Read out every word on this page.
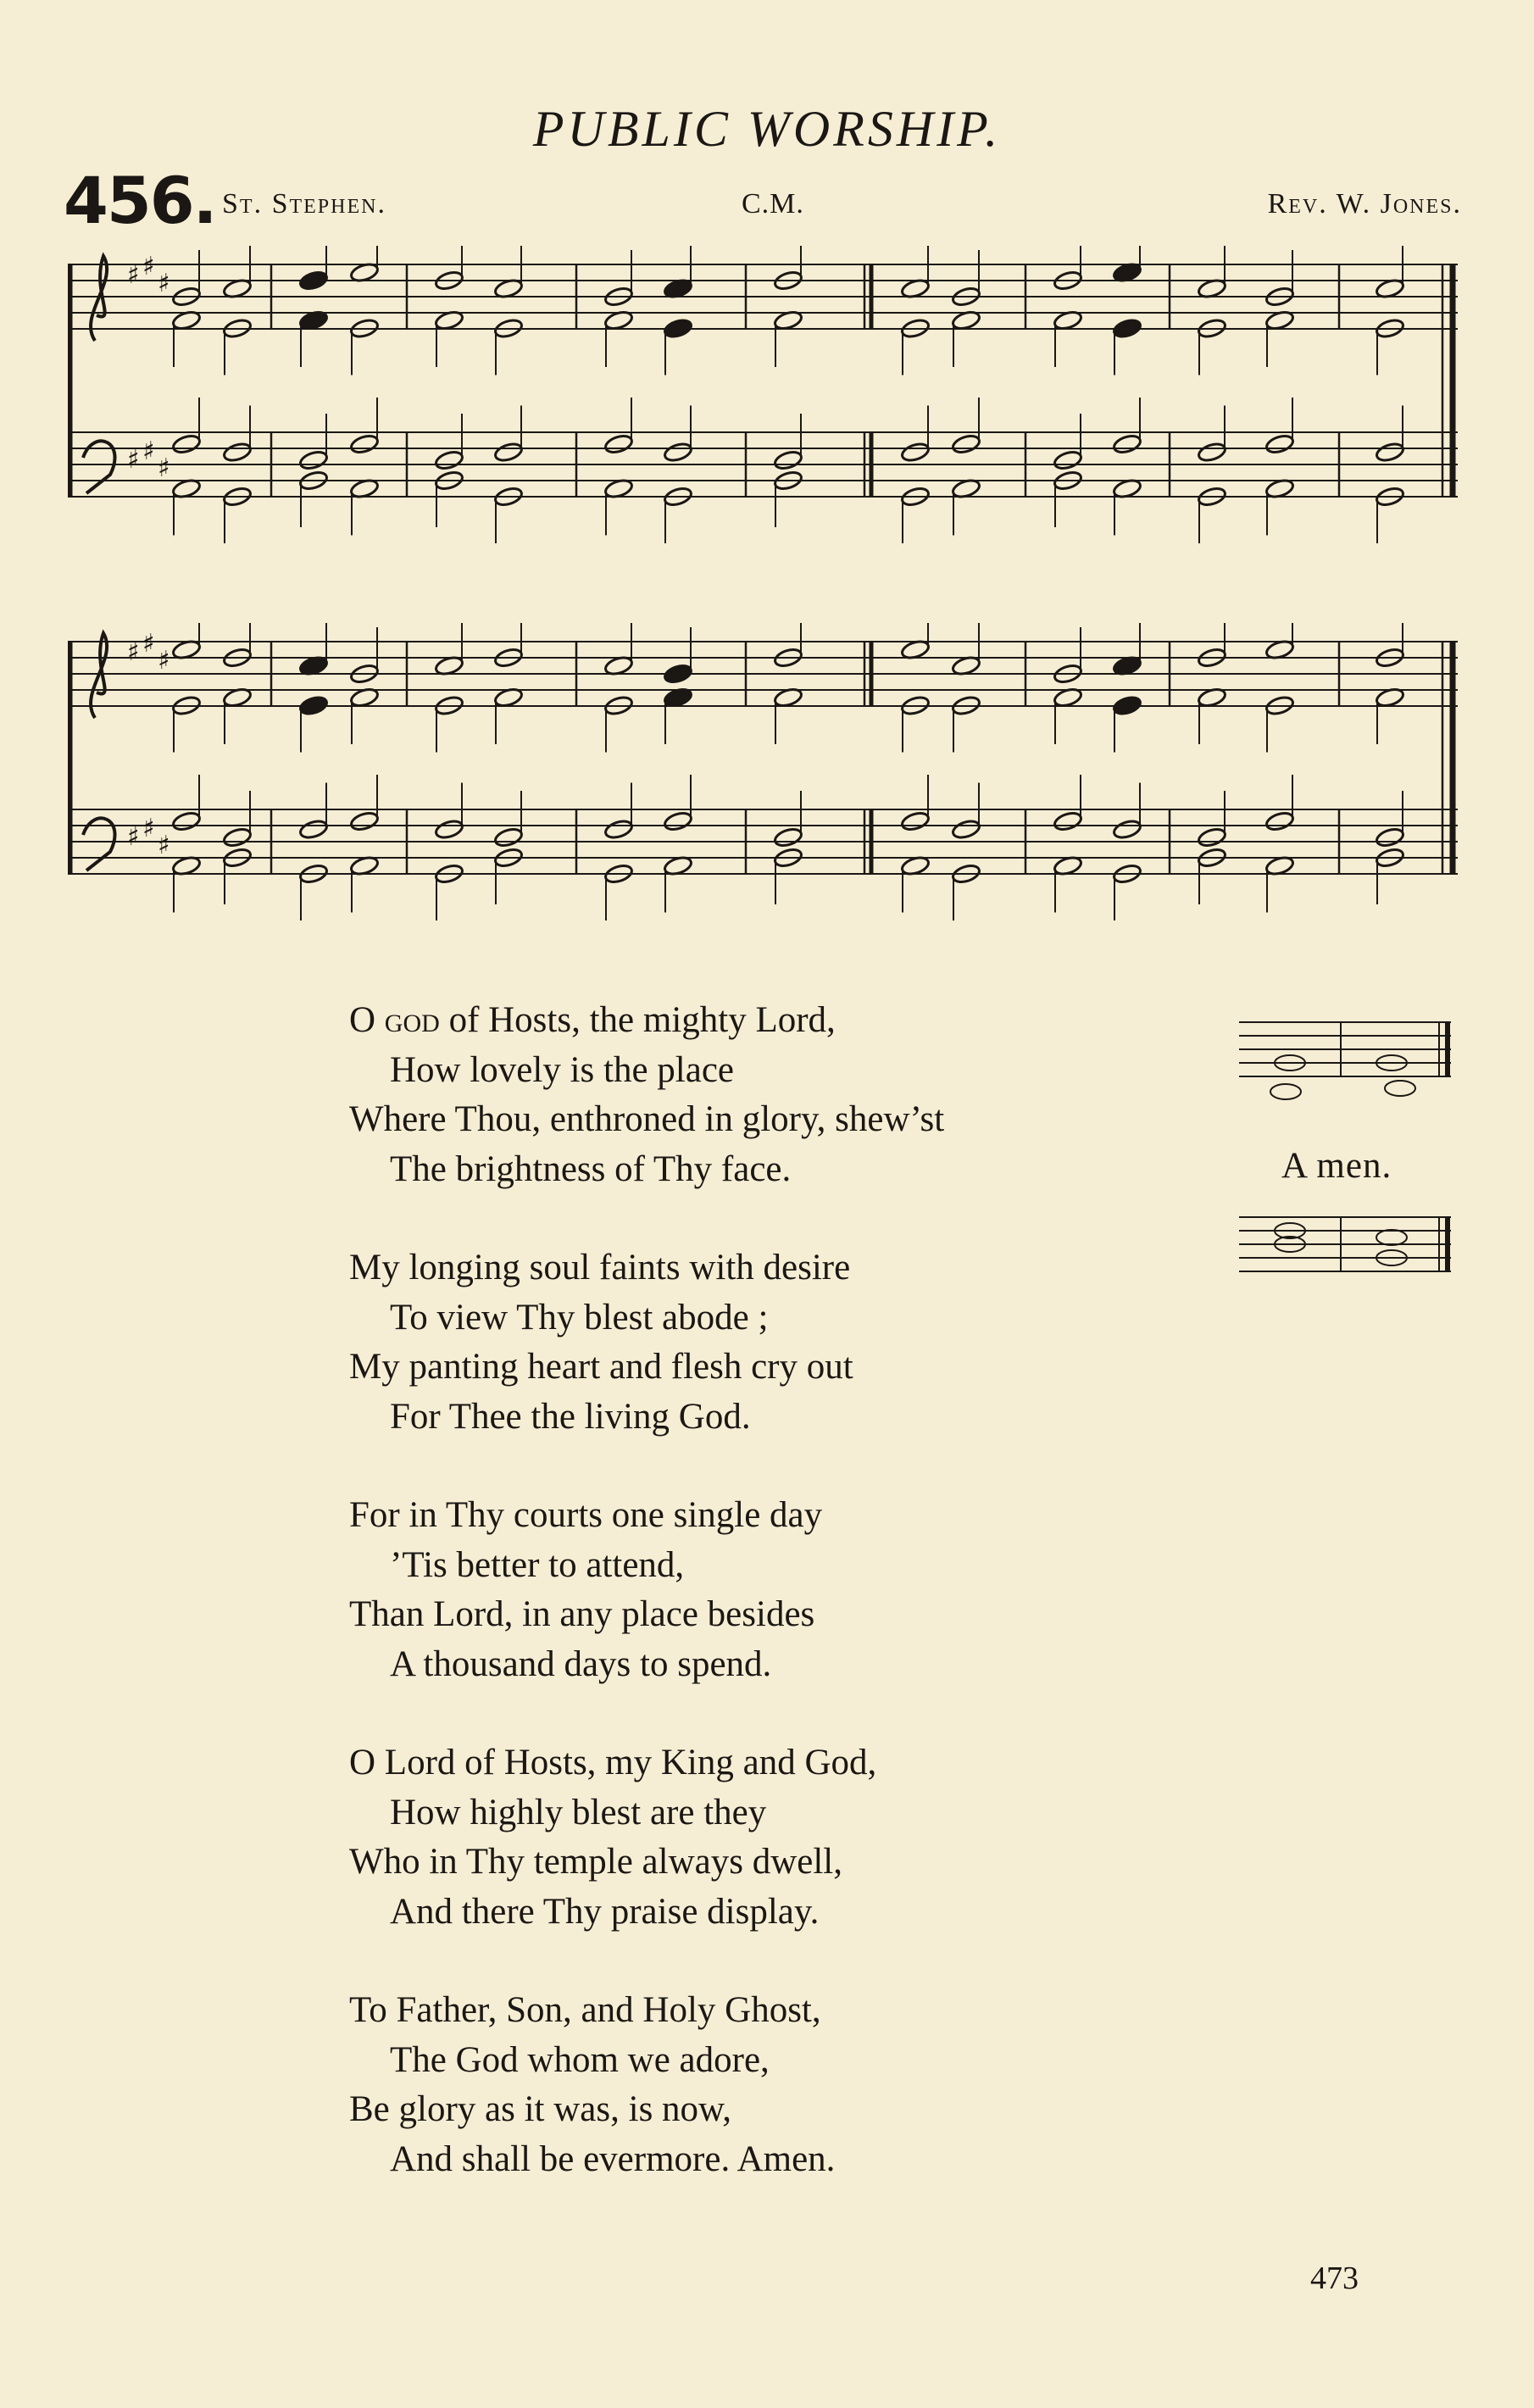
PUBLIC WORSHIP.
456. St. Stephen.	C.M.	Rev. W. Jones.
♯ ♯
♯
♯ ♯
♯
♯ ♯
♯
♯ ♯
♯
O god of Hosts, the mighty Lord,
How lovely is the place
Where Thou, enthroned in glory, shew’st
The brightness of Thy face.
My longing soul faints with desire
To view Thy blest abode ;
My panting heart and flesh cry out
For Thee the living God.
For in Thy courts one single day
’Tis better to attend,
Than Lord, in any place besides
A thousand days to spend.
O Lord of Hosts, my King and God,
How highly blest are they
Who in Thy temple always dwell,
And there Thy praise display.
To Father, Son, and Holy Ghost,
The God whom we adore,
Be glory as it was, is now,
And shall be evermore. Amen.
A men.
473
